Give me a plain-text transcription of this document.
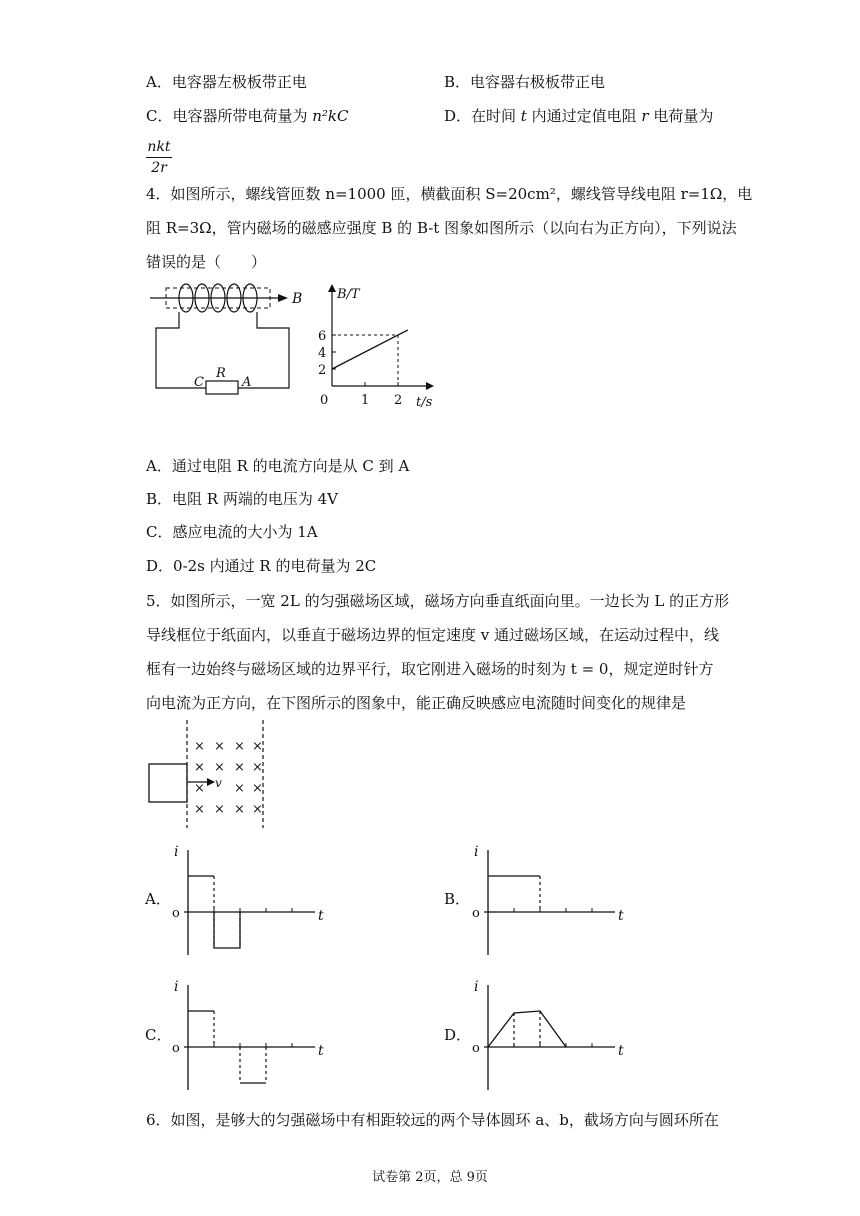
A．电容器左极板带正电	B．电容器右极板带正电
C．电容器所带电荷量为 n²kC	D．在时间 t 内通过定值电阻 r 电荷量为
nkt
2r
4．如图所示，螺线管匝数 n=1000 匝，横截面积 S=20cm²，螺线管导线电阻 r=1Ω，电
阻 R=3Ω，管内磁场的磁感应强度 B 的 B-t 图象如图所示（以向右为正方向），下列说法
错误的是（　　）
B
C
R
A
B/T
t/s
0	1 2
2
4
6
A．通过电阻 R 的电流方向是从 C 到 A
B．电阻 R 两端的电压为 4V
C．感应电流的大小为 1A
D．0-2s 内通过 R 的电荷量为 2C
5．如图所示，一宽 2L 的匀强磁场区域，磁场方向垂直纸面向里。一边长为 L 的正方形
导线框位于纸面内，以垂直于磁场边界的恒定速度 v 通过磁场区域，在运动过程中，线
框有一边始终与磁场区域的边界平行，取它刚进入磁场的时刻为 t = 0，规定逆时针方
向电流为正方向，在下图所示的图象中，能正确反映感应电流随时间变化的规律是
v
× × × ×
× × × ×
× × ×
× × × ×
A．	B．
C．	D．
i
t
o
i
t
o
i
t
o
i
t
o
6．如图，是够大的匀强磁场中有相距较远的两个导体圆环 a、b，截场方向与圆环所在
试卷第 2页，总 9页
